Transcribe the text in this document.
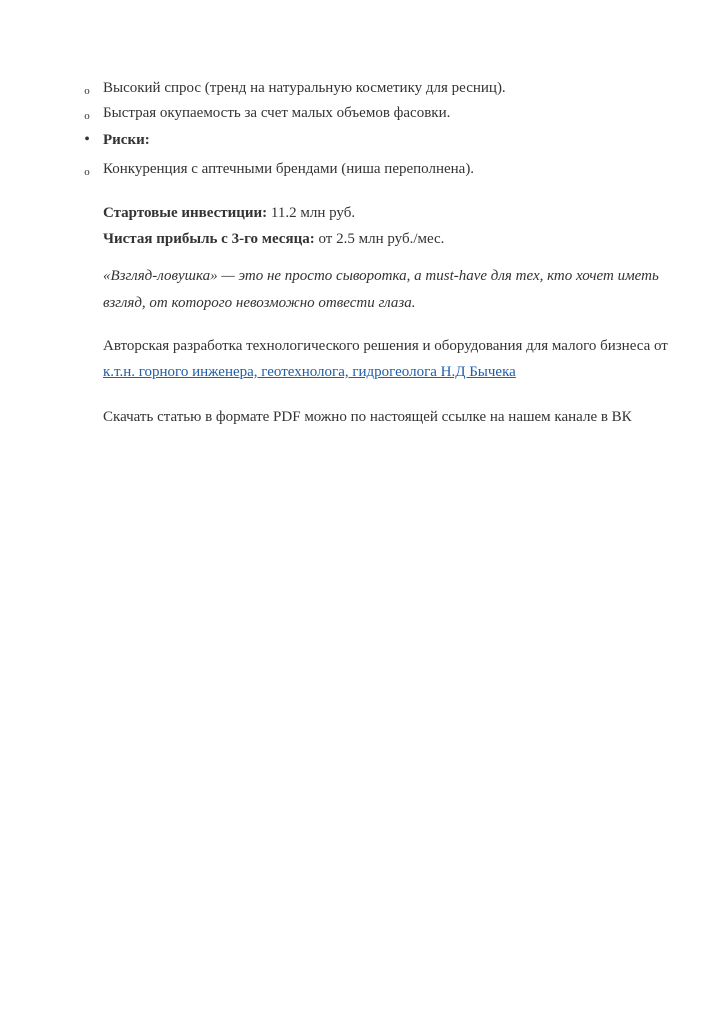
o Высокий спрос (тренд на натуральную косметику для ресниц).
o Быстрая окупаемость за счет малых объемов фасовки.
• Риски:
o Конкуренция с аптечными брендами (ниша переполнена).
Стартовые инвестиции: 11.2 млн руб.
Чистая прибыль с 3-го месяца: от 2.5 млн руб./мес.
«Взгляд-ловушка» — это не просто сыворотка, а must-have для тех, кто хочет иметь
взгляд, от которого невозможно отвести глаза.
Авторская разработка технологического решения и оборудования для малого бизнеса от
к.т.н. горного инженера, геотехнолога, гидрогеолога Н.Д Бычека
Скачать статью в формате PDF можно по настоящей ссылке на нашем канале в ВК
